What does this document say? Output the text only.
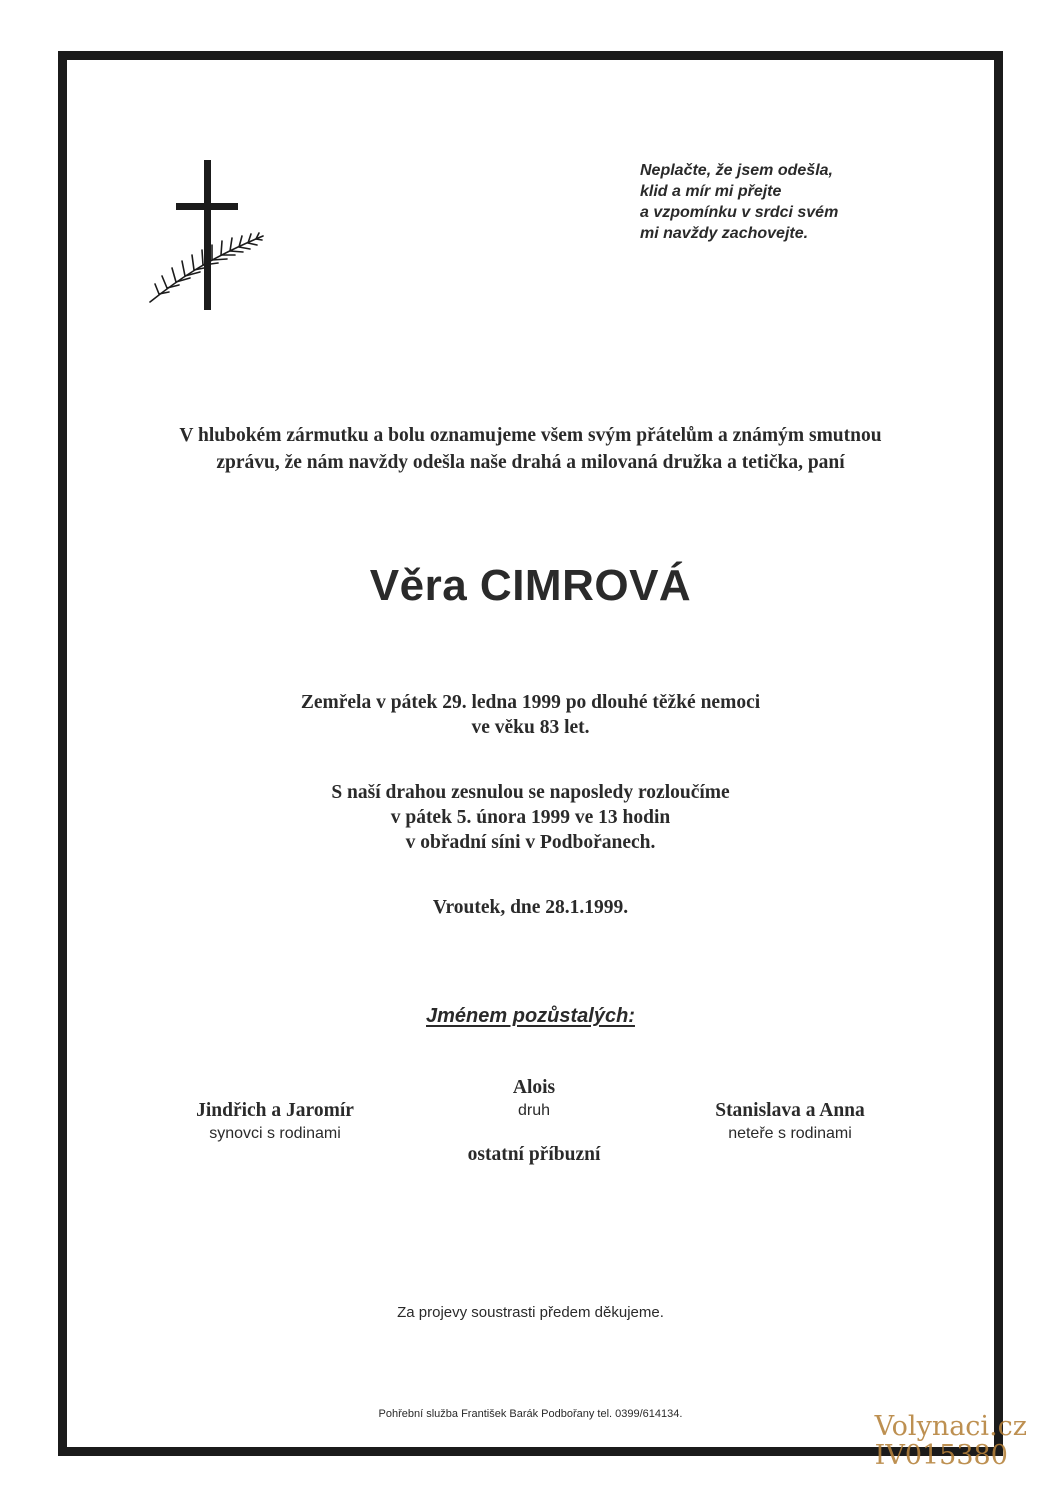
Neplačte, že jsem odešla,
klid a mír mi přejte
a vzpomínku v srdci svém
mi navždy zachovejte.
V hlubokém zármutku a bolu oznamujeme všem svým přátelům a známým smutnou
zprávu, že nám navždy odešla naše drahá a milovaná družka a tetička, paní
Věra CIMROVÁ
Zemřela v pátek 29. ledna 1999 po dlouhé těžké nemoci
ve věku 83 let.
S naší drahou zesnulou se naposledy rozloučíme
v pátek 5. února 1999 ve 13 hodin
v obřadní síni v Podbořanech.
Vroutek, dne 28.1.1999.
Jménem pozůstalých:
Jindřich a Jaromír
synovci s rodinami
Alois
druh
ostatní příbuzní
Stanislava a Anna
neteře s rodinami
Za projevy soustrasti předem děkujeme.
Pohřební služba František Barák Podbořany tel. 0399/614134.	Volynaci.cz
IV015380
